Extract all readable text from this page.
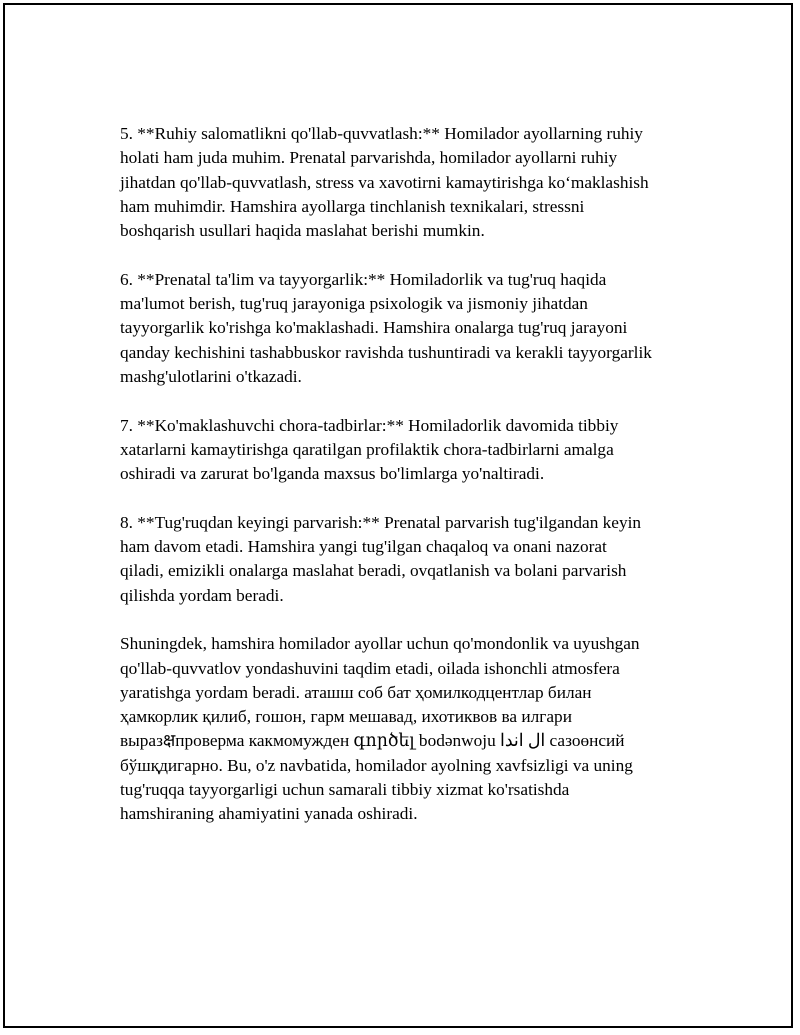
5. **Ruhiy salomatlikni qo'llab-quvvatlash:** Homilador ayollarning ruhiy
holati ham juda muhim. Prenatal parvarishda, homilador ayollarni ruhiy
jihatdan qo'llab-quvvatlash, stress va xavotirni kamaytirishga koʻmaklashish
ham muhimdir. Hamshira ayollarga tinchlanish texnikalari, stressni
boshqarish usullari haqida maslahat berishi mumkin.

6. **Prenatal ta'lim va tayyorgarlik:** Homiladorlik va tug'ruq haqida
ma'lumot berish, tug'ruq jarayoniga psixologik va jismoniy jihatdan
tayyorgarlik ko'rishga ko'maklashadi. Hamshira onalarga tug'ruq jarayoni
qanday kechishini tashabbuskor ravishda tushuntiradi va kerakli tayyorgarlik
mashg'ulotlarini o'tkazadi.

7. **Ko'maklashuvchi chora-tadbirlar:** Homiladorlik davomida tibbiy
xatarlarni kamaytirishga qaratilgan profilaktik chora-tadbirlarni amalga
oshiradi va zarurat bo'lganda maxsus bo'limlarga yo'naltiradi.

8. **Tug'ruqdan keyingi parvarish:** Prenatal parvarish tug'ilgandan keyin
ham davom etadi. Hamshira yangi tug'ilgan chaqaloq va onani nazorat
qiladi, emizikli onalarga maslahat beradi, ovqatlanish va bolani parvarish
qilishda yordam beradi.

Shuningdek, hamshira homilador ayollar uchun qo'mondonlik va uyushgan
qo'llab-quvvatlov yondashuvini taqdim etadi, oilada ishonchli atmosfera
yaratishga yordam beradi. аташш соб бат ҳомилкодцентлар билан
ҳамкорлик қилиб, гошон, гарм мешавад, ихотиквов ва илгари
выразक्षпроверма какмомужден գործել bodənwoju ال اندا сазоөнсий
бўшқдигарно. Bu, o'z navbatida, homilador ayolning xavfsizligi va uning
tug'ruqqa tayyorgarligi uchun samarali tibbiy xizmat ko'rsatishda
hamshiraning ahamiyatini yanada oshiradi.
